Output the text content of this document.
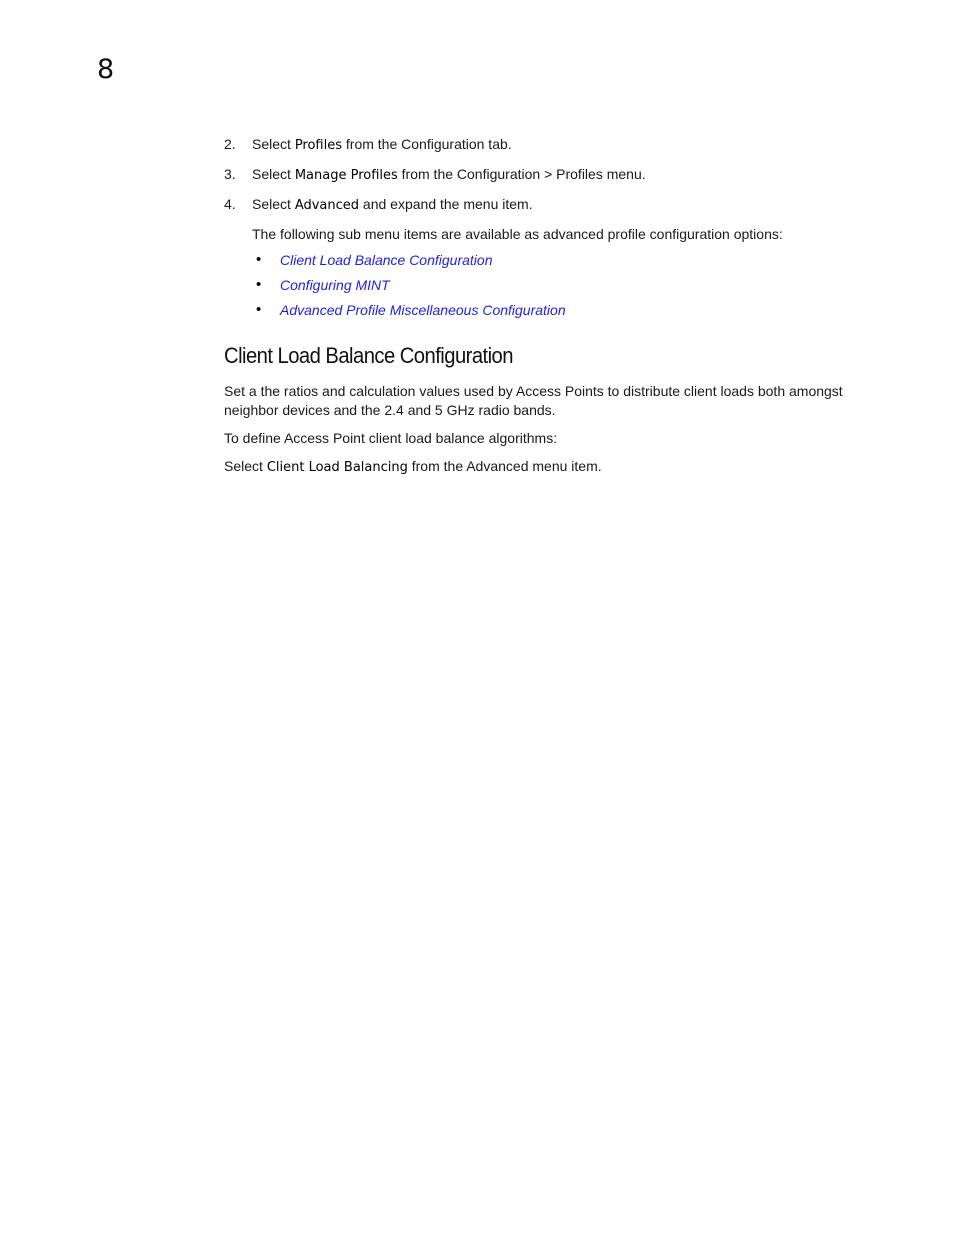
8
2. Select Profiles from the Configuration tab.
3. Select Manage Profiles from the Configuration > Profiles menu.
4. Select Advanced and expand the menu item.

The following sub menu items are available as advanced profile configuration options:

• Client Load Balance Configuration
• Configuring MINT
• Advanced Profile Miscellaneous Configuration
Client Load Balance Configuration

Set a the ratios and calculation values used by Access Points to distribute client loads both amongst neighbor devices and the 2.4 and 5 GHz radio bands.

To define Access Point client load balance algorithms:

Select Client Load Balancing from the Advanced menu item.
